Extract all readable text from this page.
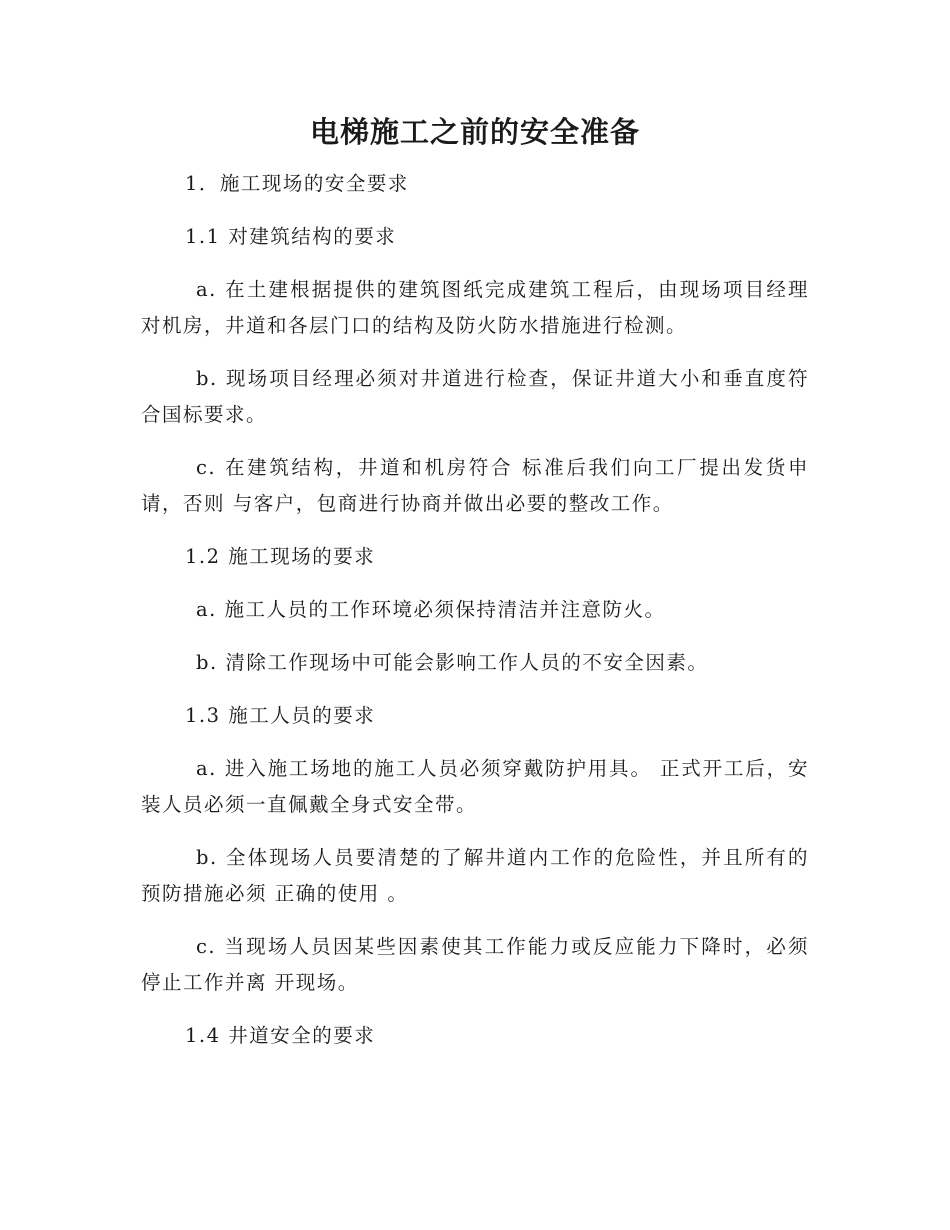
电梯施工之前的安全准备

1．施工现场的安全要求

1.1 对建筑结构的要求

a. 在土建根据提供的建筑图纸完成建筑工程后，由现场项目经理 对机房，井道和各层门口的结构及防火防水措施进行检测。

b. 现场项目经理必须对井道进行检查，保证井道大小和垂直度符合国标要求。

c. 在建筑结构，井道和机房符合 标准后我们向工厂提出发货申请，否则 与客户，包商进行协商并做出必要的整改工作。

1.2 施工现场的要求

a. 施工人员的工作环境必须保持清洁并注意防火。

b. 清除工作现场中可能会影响工作人员的不安全因素。

1.3 施工人员的要求

a. 进入施工场地的施工人员必须穿戴防护用具。 正式开工后，安装人员必须一直佩戴全身式安全带。

b. 全体现场人员要清楚的了解井道内工作的危险性，并且所有的预防措施必须 正确的使用 。

c. 当现场人员因某些因素使其工作能力或反应能力下降时，必须停止工作并离 开现场。

1.4 井道安全的要求
